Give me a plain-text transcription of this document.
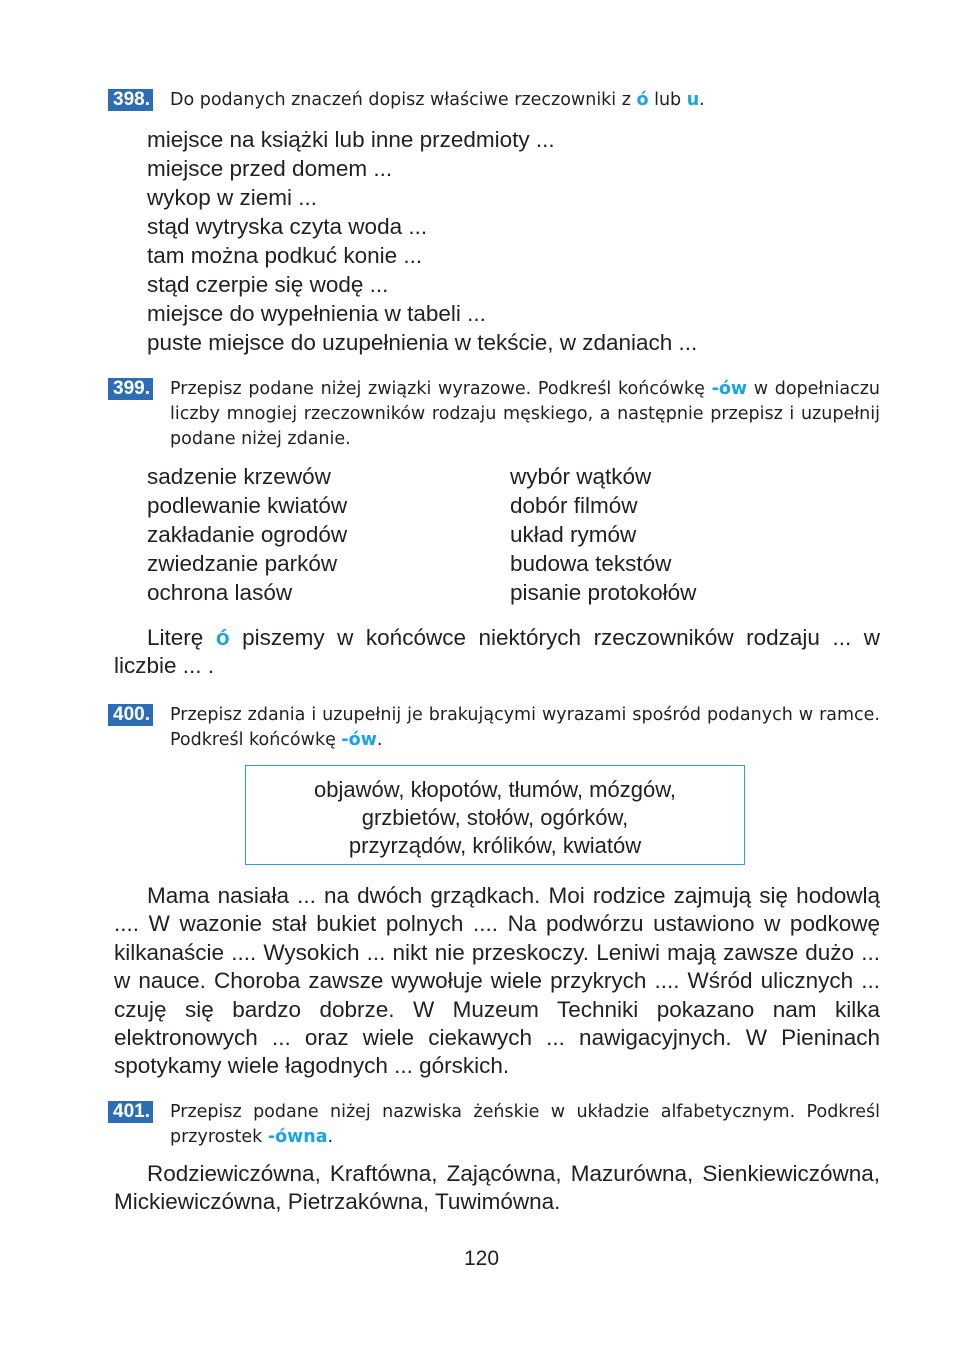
398. Do podanych znaczeń dopisz właściwe rzeczowniki z ó lub u.
miejsce na książki lub inne przedmioty ...
miejsce przed domem ...
wykop w ziemi ...
stąd wytryska czyta woda ...
tam można podkuć konie ...
stąd czerpie się wodę ...
miejsce do wypełnienia w tabeli ...
puste miejsce do uzupełnienia w tekście, w zdaniach ...
399. Przepisz podane niżej związki wyrazowe. Podkreśl końcówkę -ów w dopełniaczu liczby mnogiej rzeczowników rodzaju męskiego, a następnie przepisz i uzupełnij podane niżej zdanie.
sadzenie krzewów
podlewanie kwiatów
zakładanie ogrodów
zwiedzanie parków
ochrona lasów
wybór wątków
dobór filmów
układ rymów
budowa tekstów
pisanie protokołów
Literę ó piszemy w końcówce niektórych rzeczowników rodzaju ... w liczbie ... .
400. Przepisz zdania i uzupełnij je brakującymi wyrazami spośród podanych w ramce. Podkreśl końcówkę -ów.
objawów, kłopotów, tłumów, mózgów,
grzbietów, stołów, ogórków,
przyrządów, królików, kwiatów
Mama nasiała ... na dwóch grządkach. Moi rodzice zajmują się hodowlą .... W wazonie stał bukiet polnych .... Na podwórzu ustawiono w podkowę kilkanaście .... Wysokich ... nikt nie przeskoczy. Leniwi mają zawsze dużo ... w nauce. Choroba zawsze wywołuje wiele przykrych .... Wśród ulicznych ... czuję się bardzo dobrze. W Muzeum Techniki pokazano nam kilka elektronowych ... oraz wiele ciekawych ... nawigacyjnych. W Pieninach spotykamy wiele łagodnych ... górskich.
401. Przepisz podane niżej nazwiska żeńskie w układzie alfabetycznym. Podkreśl przyrostek -ówna.
Rodziewiczówna, Kraftówna, Zającówna, Mazurówna, Sienkiewiczówna, Mickiewiczówna, Pietrzakówna, Tuwimówna.
120
